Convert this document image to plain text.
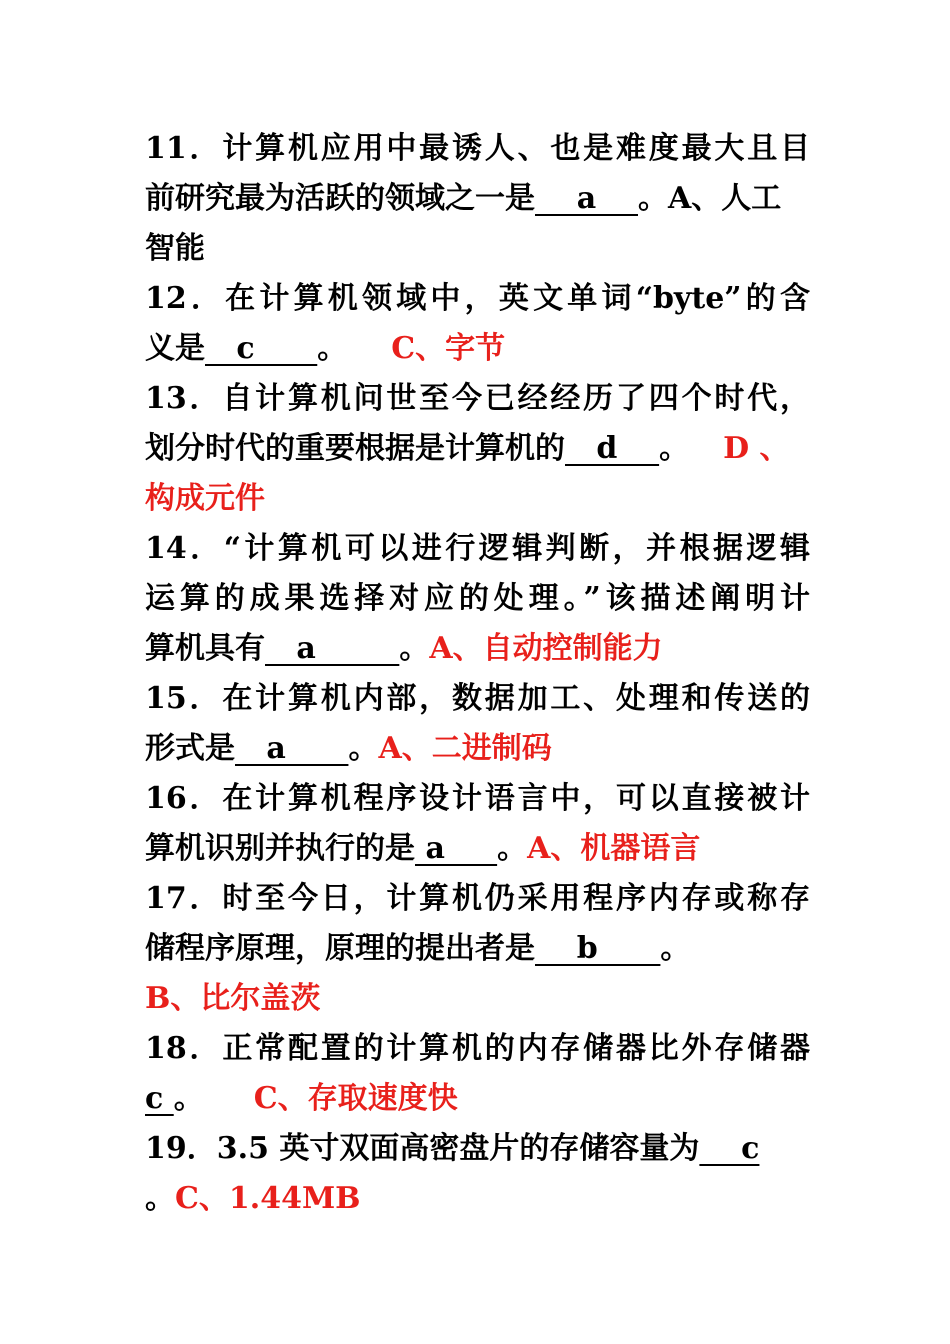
11．计算机应用中最诱人、也是难度最大且目
前研究最为活跃的领域之一是    a    。A、人工
智能
12．在计算机领域中，英文单词“byte”的含
义是   c      。 C、字节
13．自计算机问世至今已经经历了四个时代，
划分时代的重要根据是计算机的   d    。 D 、
构成元件
14．“计算机可以进行逻辑判断，并根据逻辑
运算的成果选择对应的处理。”该描述阐明计
算机具有   a        。A、自动控制能力
15．在计算机内部，数据加工、处理和传送的
形式是   a      。A、二进制码
16．在计算机程序设计语言中，可以直接被计
算机识别并执行的是 a     。A、机器语言
17．时至今日，计算机仍采用程序内存或称存
储程序原理，原理的提出者是    b      。
B、比尔盖茨
18．正常配置的计算机的内存储器比外存储器
c 。 C、存取速度快
19．3.5 英寸双面高密盘片的存储容量为    c
。C、1.44MB
